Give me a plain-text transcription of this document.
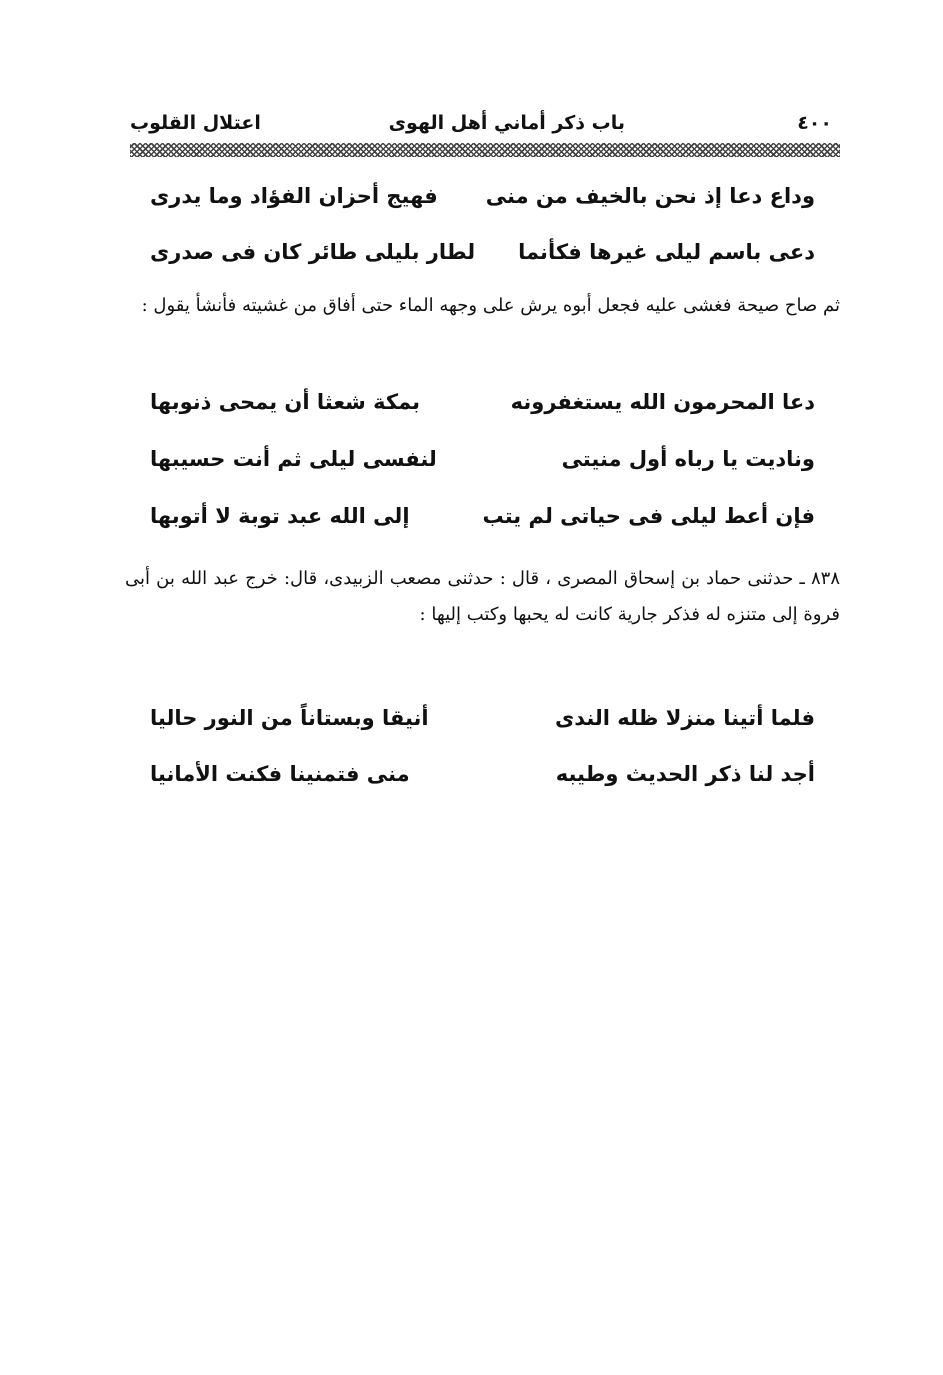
٤٠٠
باب ذكر أماني أهل الهوى
اعتلال القلوب
وداع دعا إذ نحن بالخيف من منى
فهيج أحزان الفؤاد وما يدرى
دعى باسم ليلى غيرها فكأنما
لطار بليلى طائر كان فى صدرى
ثم صاح صيحة فغشى عليه فجعل أبوه يرش على وجهه الماء حتى أفاق من غشيته فأنشأ يقول :
دعا المحرمون الله يستغفرونه
بمكة شعثا أن يمحى ذنوبها
وناديت يا رباه أول منيتى
لنفسى ليلى ثم أنت حسيبها
فإن أعط ليلى فى حياتى لم يتب
إلى الله عبد توبة لا أتوبها
٨٣٨ ـ حدثنى حماد بن إسحاق المصرى ، قال : حدثنى مصعب الزبيدى، قال: خرج عبد الله بن أبى فروة إلى متنزه له فذكر جارية كانت له يحبها وكتب إليها :
فلما أتينا منزلا ظله الندى
أنيقا وبستاناً من النور حاليا
أجد لنا ذكر الحديث وطيبه
منى فتمنينا فكنت الأمانيا
